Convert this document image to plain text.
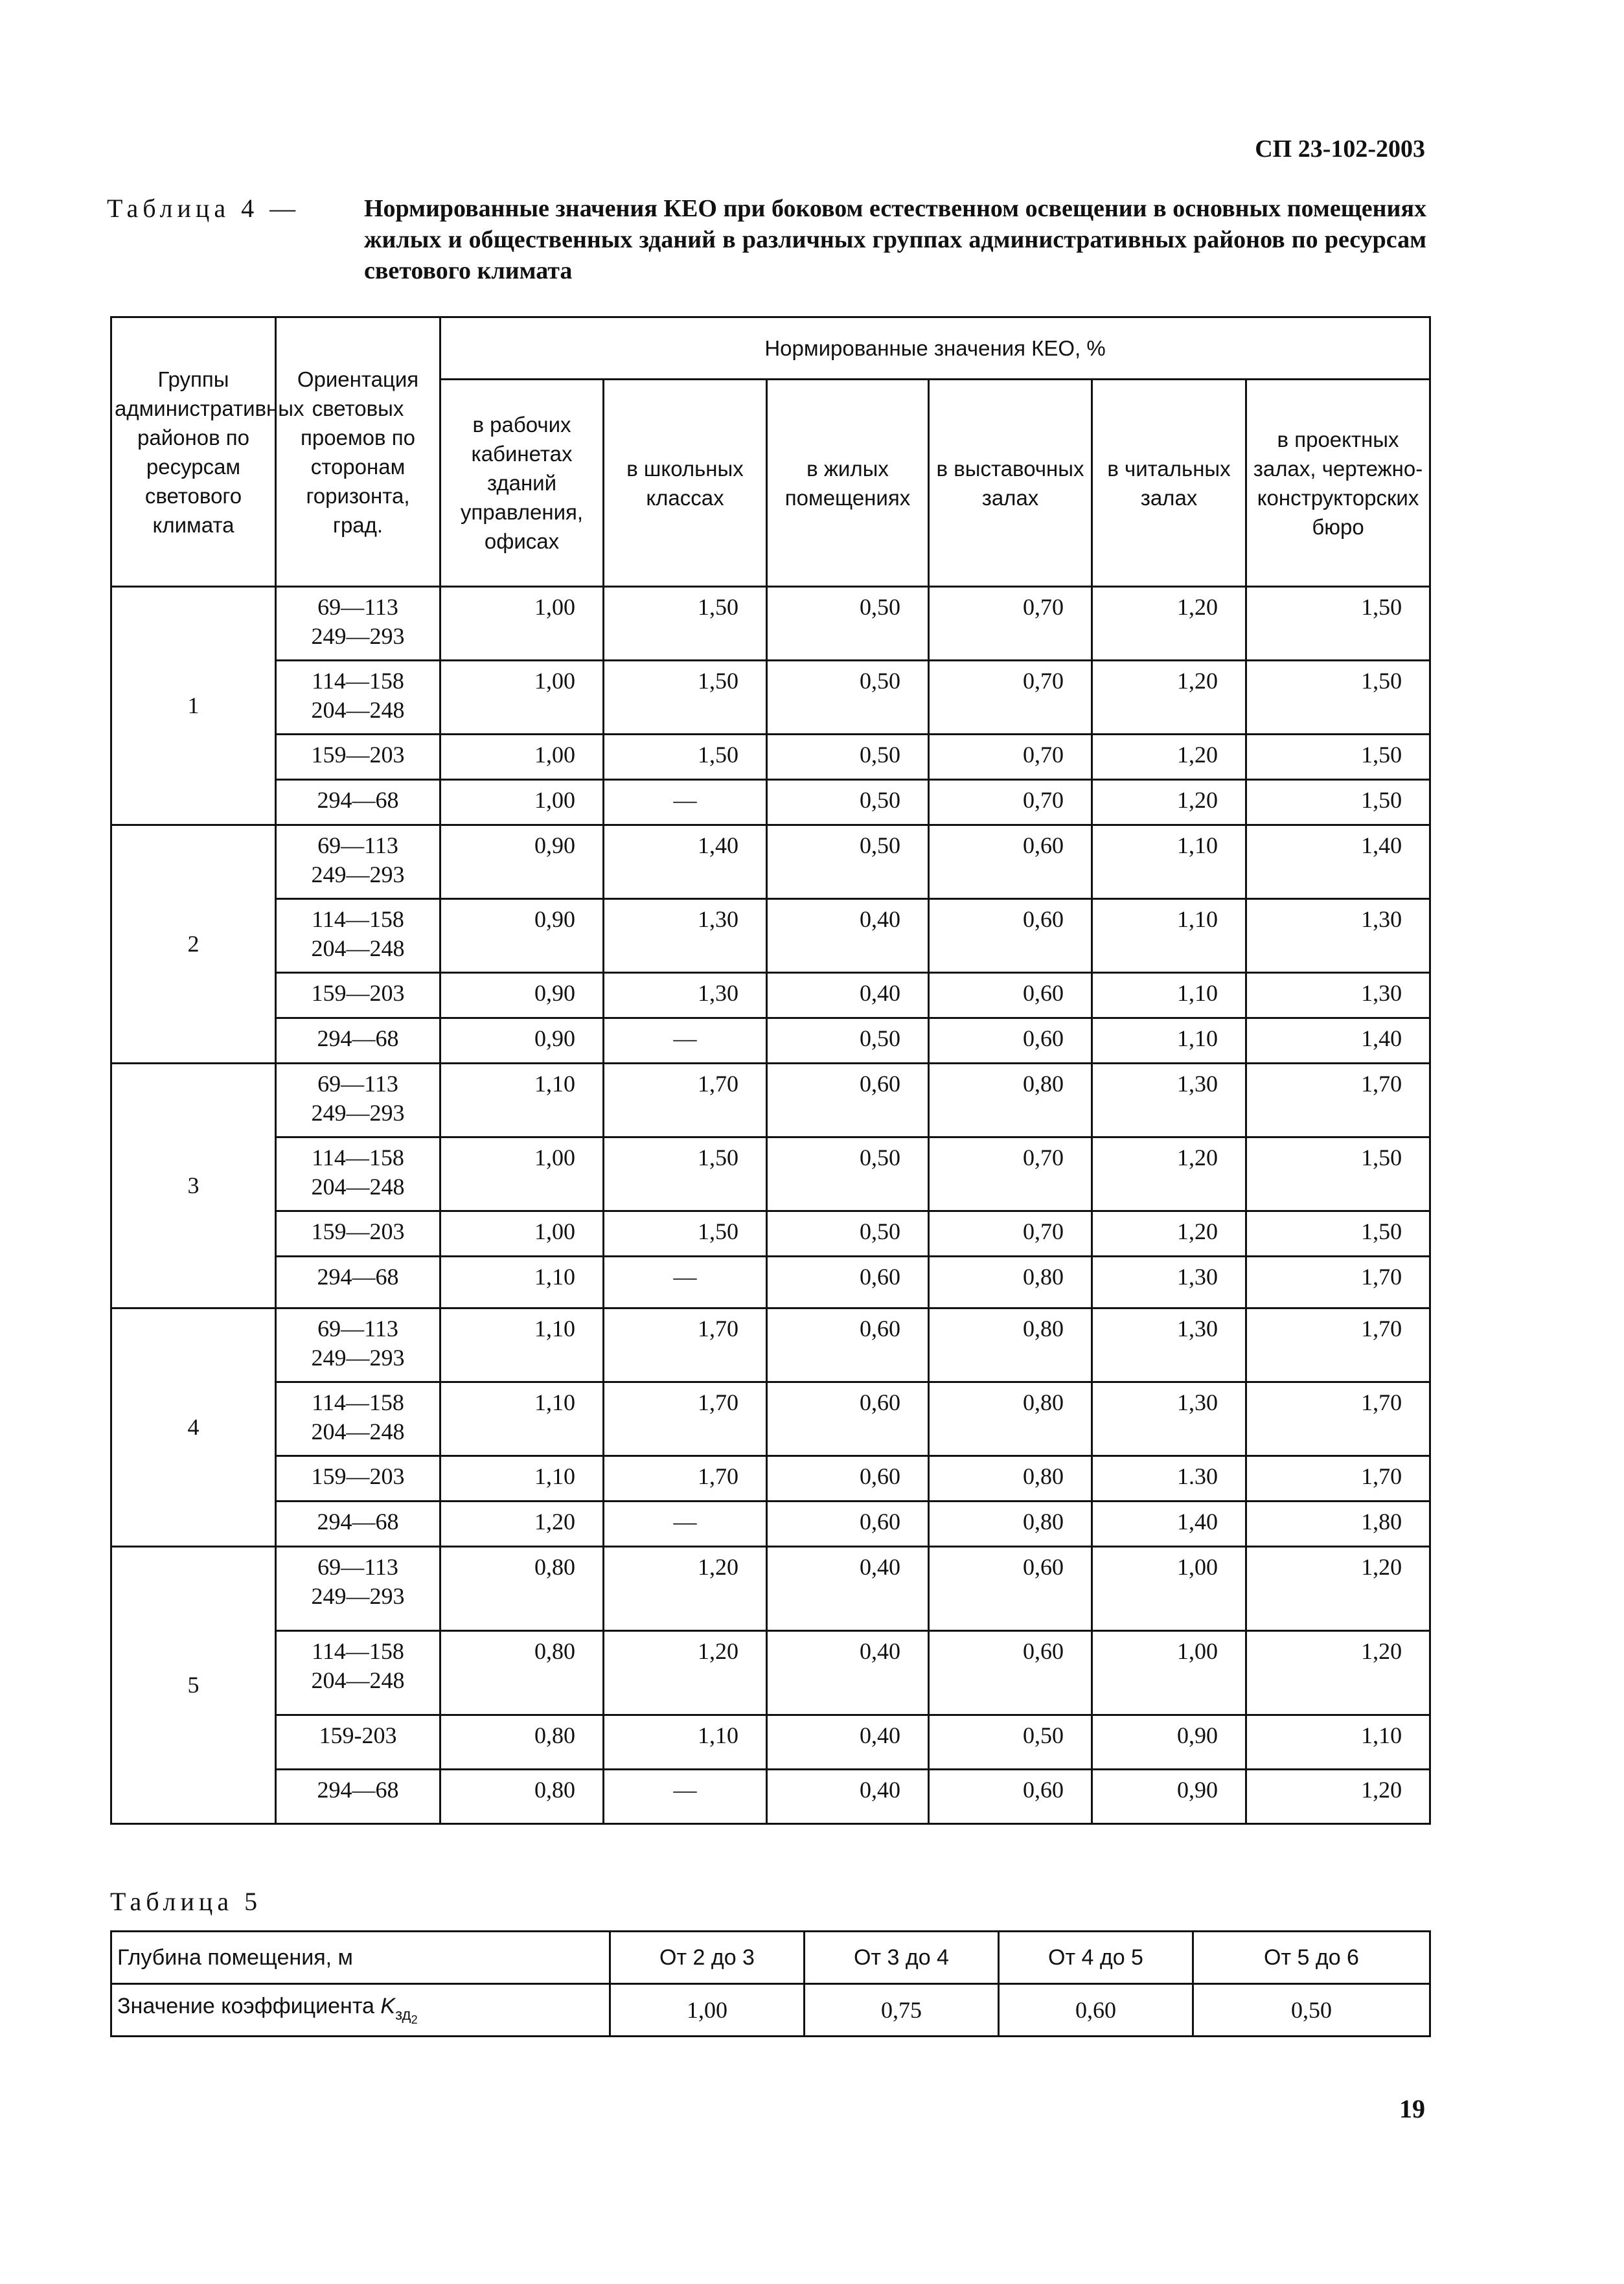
СП 23-102-2003
Таблица 4 —	Нормированные значения КЕО при боковом естественном освещении в основных помещениях жилых и общественных зданий в различных группах административных районов по ресурсам светового климата
Группы административных районов по ресурсам светового климата	Ориентация световых проемов по сторонам горизонта, град.	Нормированные значения КЕО, %					
		в рабочих кабинетах зданий управления, офисах	в школьных классах	в жилых помещениях	в выставочных залах	в читальных залах	в проектных залах, чертежно-конструкторских бюро
1	69—113
249—293	1,00	1,50	0,50	0,70	1,20	1,50

	114—158
204—248	1,00	1,50	0,50	0,70	1,20	1,50

	159—203	1,00	1,50	0,50	0,70	1,20	1,50

	294—68	1,00	—	0,50	0,70	1,20	1,50
2	69—113
249—293	0,90	1,40	0,50	0,60	1,10	1,40

	114—158
204—248	0,90	1,30	0,40	0,60	1,10	1,30

	159—203	0,90	1,30	0,40	0,60	1,10	1,30

	294—68	0,90	—	0,50	0,60	1,10	1,40
3	69—113
249—293	1,10	1,70	0,60	0,80	1,30	1,70

	114—158
204—248	1,00	1,50	0,50	0,70	1,20	1,50

	159—203	1,00	1,50	0,50	0,70	1,20	1,50

	294—68	1,10	—	0,60	0,80	1,30	1,70
4	69—113
249—293	1,10	1,70	0,60	0,80	1,30	1,70

	114—158
204—248	1,10	1,70	0,60	0,80	1,30	1,70

	159—203	1,10	1,70	0,60	0,80	1.30	1,70

	294—68	1,20	—	0,60	0,80	1,40	1,80
5	69—113
249—293	0,80	1,20	0,40	0,60	1,00	1,20

	114—158
204—248	0,80	1,20	0,40	0,60	1,00	1,20

	159-203	0,80	1,10	0,40	0,50	0,90	1,10

	294—68	0,80	—	0,40	0,60	0,90	1,20
Таблица 5
Глубина помещения, м	От 2 до 3	От 3 до 4	От 4 до 5	От 5 до 6
Значение коэффициента $K_{зд_2}$	1,00	0,75	0,60	0,50
19
